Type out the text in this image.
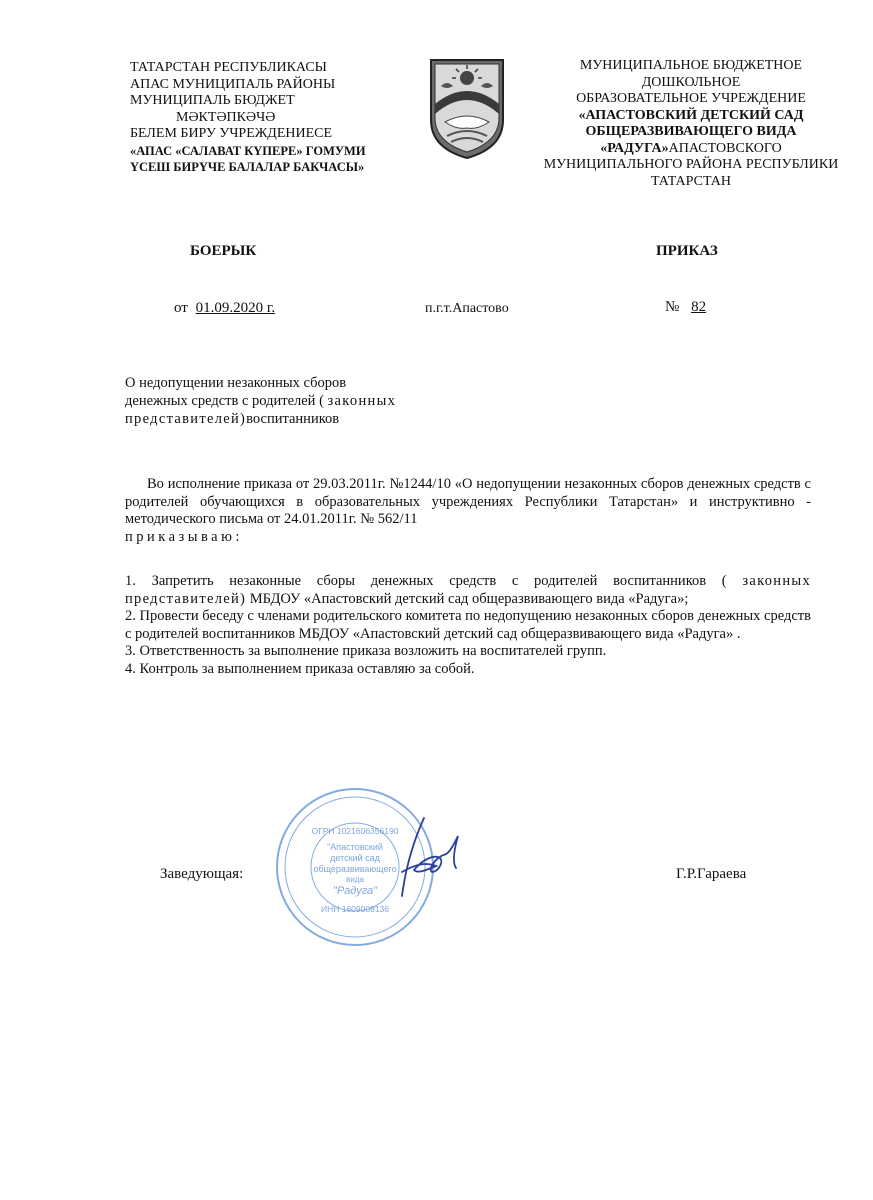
ТАТАРСТАН РЕСПУБЛИКАСЫ
АПАС МУНИЦИПАЛЬ РАЙОНЫ
МУНИЦИПАЛЬ БЮДЖЕТ
МӘКТӘПКӘЧӘ
БЕЛЕМ БИРУ УЧРЕЖДЕНИЕСЕ
«АПАС «САЛАВАТ КҮПЕРЕ» ГОМУМИ
ҮСЕШ БИРҮЧЕ БАЛАЛАР БАКЧАСЫ»
МУНИЦИПАЛЬНОЕ БЮДЖЕТНОЕ
ДОШКОЛЬНОЕ
ОБРАЗОВАТЕЛЬНОЕ УЧРЕЖДЕНИЕ
«АПАСТОВСКИЙ ДЕТСКИЙ САД
ОБЩЕРАЗВИВАЮЩЕГО ВИДА
«РАДУГА»АПАСТОВСКОГО
МУНИЦИПАЛЬНОГО РАЙОНА РЕСПУБЛИКИ
ТАТАРСТАН
БОЕРЫК	ПРИКАЗ
от 01.09.2020 г.	п.г.т.Апастово	№ 82
О недопущении незаконных сборов
денежных средств с родителей ( законных
представителей)воспитанников
Во исполнение приказа от 29.03.2011г. №1244/10 «О недопущении незаконных сборов денежных средств с родителей обучающихся в образовательных учреждениях Республики Татарстан» и инструктивно - методического письма от 24.01.2011г. № 562/11
приказываю:

1. Запретить незаконные сборы денежных средств с родителей воспитанников ( законных представителей) МБДОУ «Апастовский детский сад общеразвивающего вида «Радуга»;

2. Провести беседу с членами родительского комитета по недопущению незаконных сборов денежных средств с родителей воспитанников МБДОУ «Апастовский детский сад общеразвивающего вида «Радуга» .

3. Ответственность за выполнение приказа возложить на воспитателей групп.

4. Контроль за выполнением приказа оставляю за собой.

ОГРН 1021606356190
"Апастовский
детский сад
общеразвивающего
вида
"Радуга"
ИНН 1609008136
Заведующая:	Г.Р.Гараева
